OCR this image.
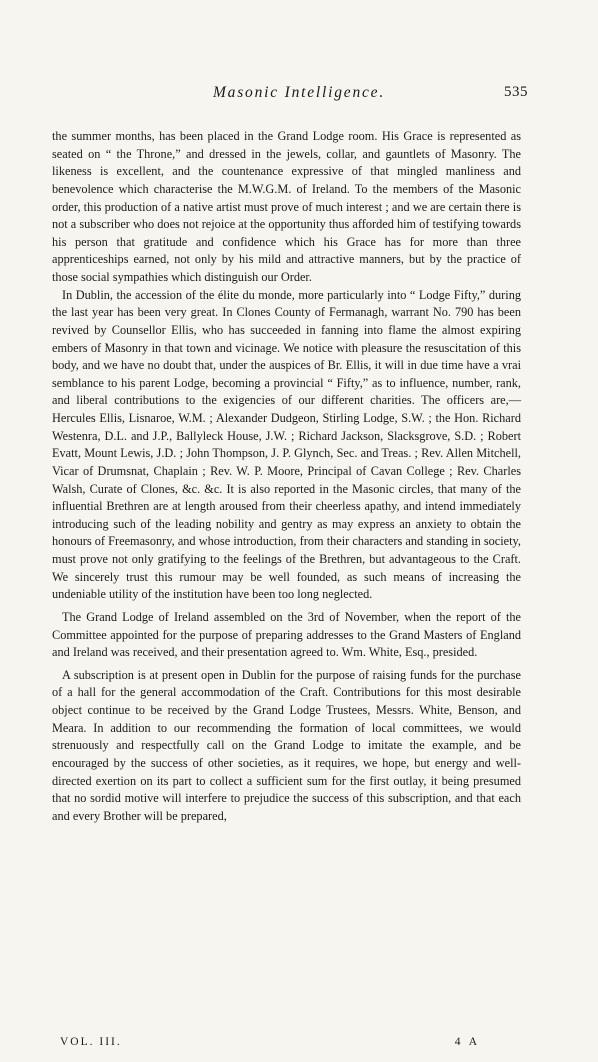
Masonic Intelligence.	535

the summer months, has been placed in the Grand Lodge room. His Grace is represented as seated on “ the Throne,” and dressed in the jewels, collar, and gauntlets of Masonry. The likeness is excellent, and the countenance expressive of that mingled manliness and benevolence which characterise the M.W.G.M. of Ireland. To the members of the Masonic order, this production of a native artist must prove of much interest ; and we are certain there is not a subscriber who does not rejoice at the opportunity thus afforded him of testifying towards his person that gratitude and confidence which his Grace has for more than three apprenticeships earned, not only by his mild and attractive manners, but by the practice of those social sympathies which distinguish our Order.

In Dublin, the accession of the élite du monde, more particularly into “ Lodge Fifty,” during the last year has been very great. In Clones County of Fermanagh, warrant No. 790 has been revived by Counsellor Ellis, who has succeeded in fanning into flame the almost expiring embers of Masonry in that town and vicinage. We notice with pleasure the resuscitation of this body, and we have no doubt that, under the auspices of Br. Ellis, it will in due time have a vrai semblance to his parent Lodge, becoming a provincial “ Fifty,” as to influence, number, rank, and liberal contributions to the exigencies of our different charities. The officers are,—Hercules Ellis, Lisnaroe, W.M. ; Alexander Dudgeon, Stirling Lodge, S.W. ; the Hon. Richard Westenra, D.L. and J.P., Ballyleck House, J.W. ; Richard Jackson, Slacksgrove, S.D. ; Robert Evatt, Mount Lewis, J.D. ; John Thompson, J. P. Glynch, Sec. and Treas. ; Rev. Allen Mitchell, Vicar of Drumsnat, Chaplain ; Rev. W. P. Moore, Principal of Cavan College ; Rev. Charles Walsh, Curate of Clones, &c. &c. It is also reported in the Masonic circles, that many of the influential Brethren are at length aroused from their cheerless apathy, and intend immediately introducing such of the leading nobility and gentry as may express an anxiety to obtain the honours of Freemasonry, and whose introduction, from their characters and standing in society, must prove not only gratifying to the feelings of the Brethren, but advantageous to the Craft. We sincerely trust this rumour may be well founded, as such means of increasing the undeniable utility of the institution have been too long neglected.

The Grand Lodge of Ireland assembled on the 3rd of November, when the report of the Committee appointed for the purpose of preparing addresses to the Grand Masters of England and Ireland was received, and their presentation agreed to. Wm. White, Esq., presided.

A subscription is at present open in Dublin for the purpose of raising funds for the purchase of a hall for the general accommodation of the Craft. Contributions for this most desirable object continue to be received by the Grand Lodge Trustees, Messrs. White, Benson, and Meara. In addition to our recommending the formation of local committees, we would strenuously and respectfully call on the Grand Lodge to imitate the example, and be encouraged by the success of other societies, as it requires, we hope, but energy and well-directed exertion on its part to collect a sufficient sum for the first outlay, it being presumed that no sordid motive will interfere to prejudice the success of this subscription, and that each and every Brother will be prepared,

VOL. III.	4 A
